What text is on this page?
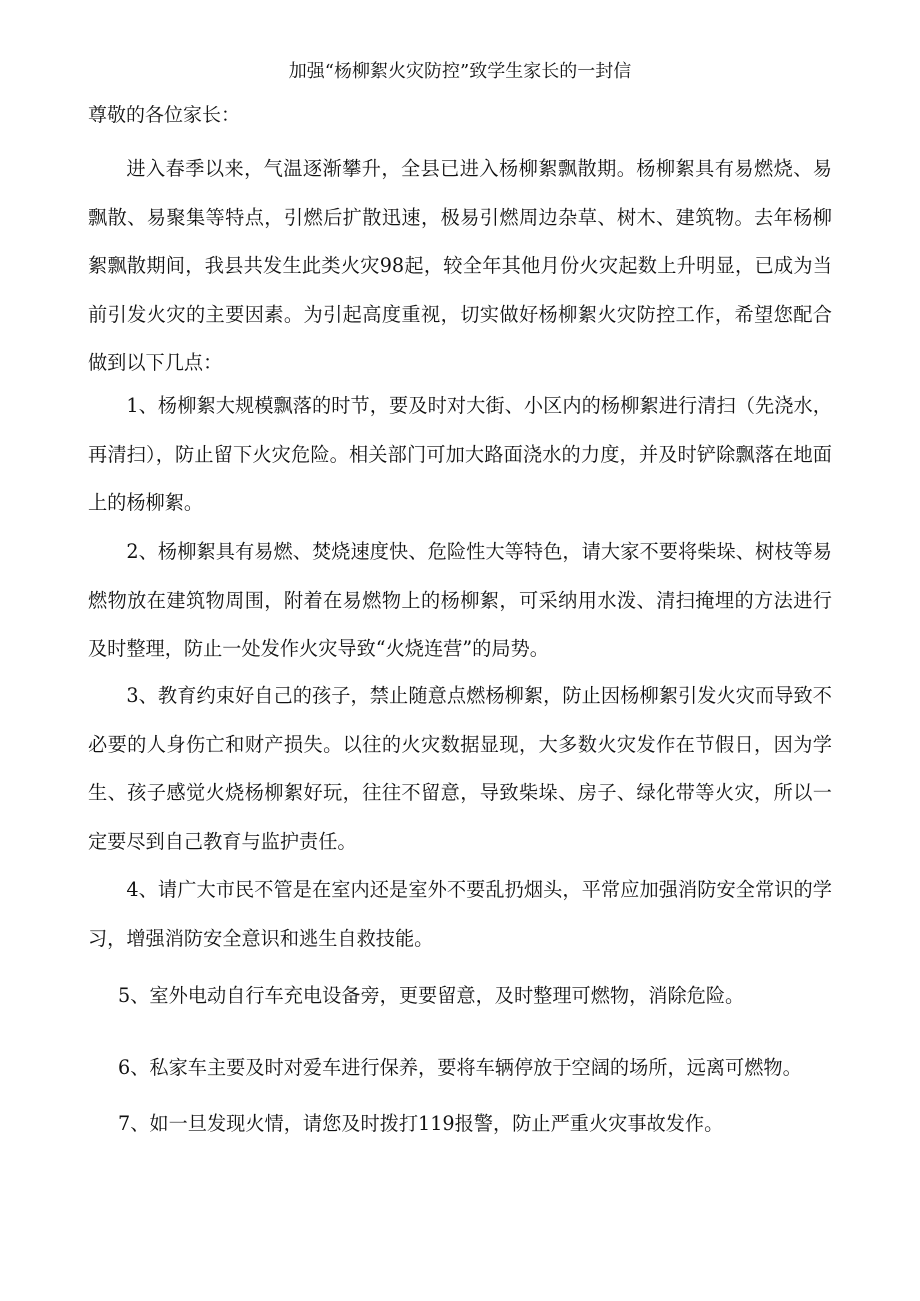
加强“杨柳絮火灾防控”致学生家长的一封信
尊敬的各位家长：

进入春季以来，气温逐渐攀升，全县已进入杨柳絮飘散期。杨柳絮具有易燃烧、易飘散、易聚集等特点，引燃后扩散迅速，极易引燃周边杂草、树木、建筑物。去年杨柳絮飘散期间，我县共发生此类火灾98起，较全年其他月份火灾起数上升明显，已成为当前引发火灾的主要因素。为引起高度重视，切实做好杨柳絮火灾防控工作，希望您配合做到以下几点：

1、杨柳絮大规模飘落的时节，要及时对大街、小区内的杨柳絮进行清扫（先浇水，再清扫），防止留下火灾危险。相关部门可加大路面浇水的力度，并及时铲除飘落在地面上的杨柳絮。

2、杨柳絮具有易燃、焚烧速度快、危险性大等特色，请大家不要将柴垛、树枝等易燃物放在建筑物周围，附着在易燃物上的杨柳絮，可采纳用水泼、清扫掩埋的方法进行及时整理，防止一处发作火灾导致“火烧连营”的局势。

3、教育约束好自己的孩子，禁止随意点燃杨柳絮，防止因杨柳絮引发火灾而导致不必要的人身伤亡和财产损失。以往的火灾数据显现，大多数火灾发作在节假日，因为学生、孩子感觉火烧杨柳絮好玩，往往不留意，导致柴垛、房子、绿化带等火灾，所以一定要尽到自己教育与监护责任。

4、请广大市民不管是在室内还是室外不要乱扔烟头，平常应加强消防安全常识的学习，增强消防安全意识和逃生自救技能。

5、室外电动自行车充电设备旁，更要留意，及时整理可燃物，消除危险。

6、私家车主要及时对爱车进行保养，要将车辆停放于空阔的场所，远离可燃物。

7、如一旦发现火情，请您及时拨打119报警，防止严重火灾事故发作。
